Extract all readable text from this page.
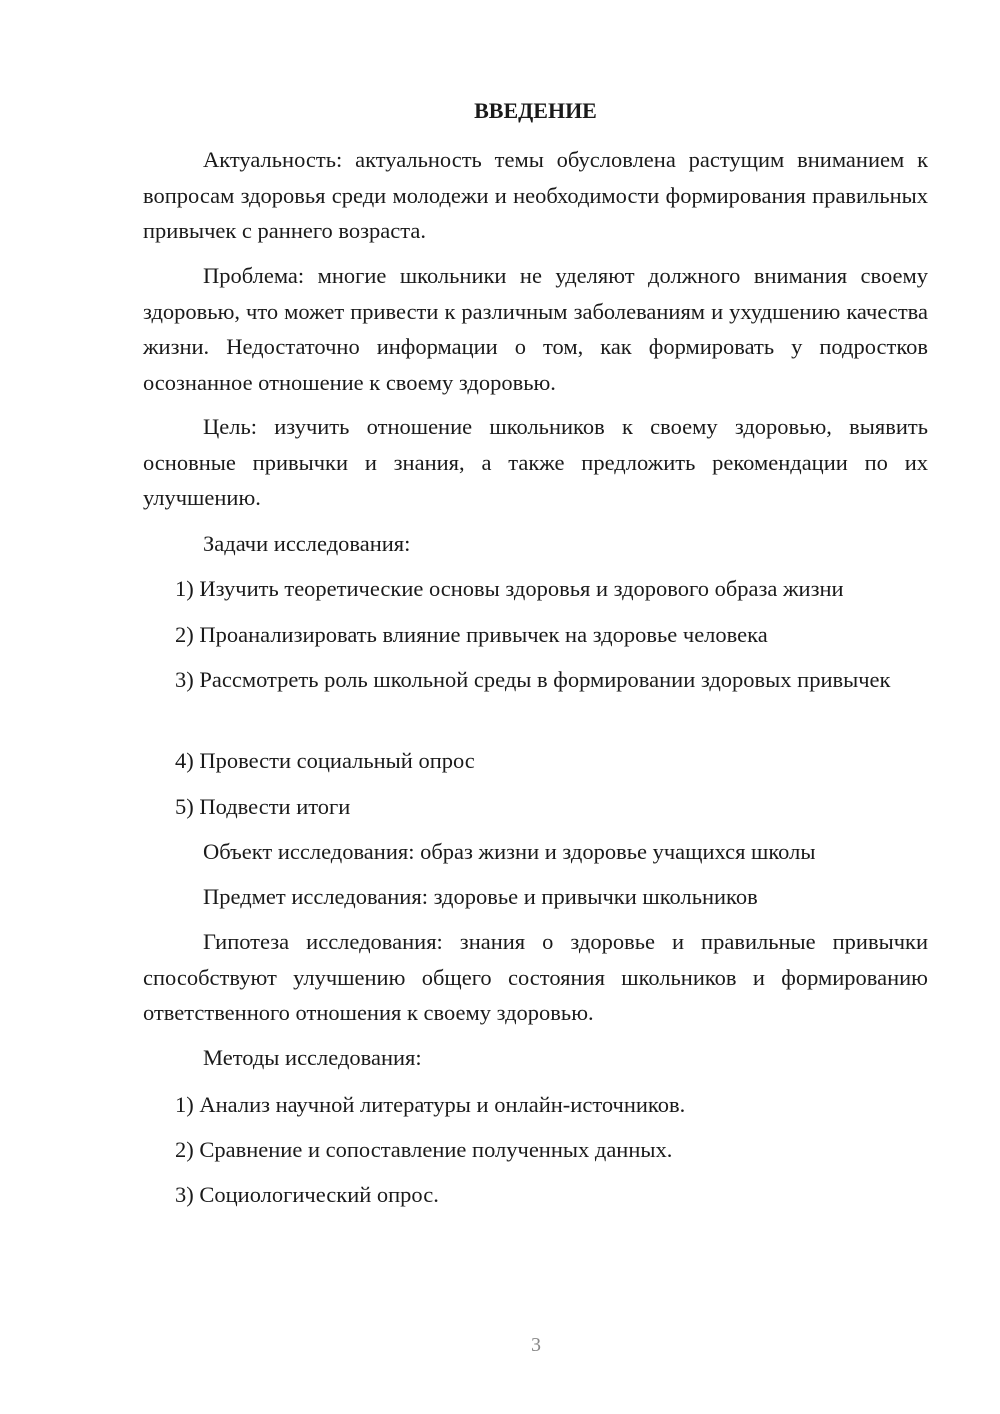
ВВЕДЕНИЕ

Актуальность: актуальность темы обусловлена растущим вниманием к вопросам здоровья среди молодежи и необходимости формирования правильных привычек с раннего возраста.

Проблема: многие школьники не уделяют должного внимания своему здоровью, что может привести к различным заболеваниям и ухудшению качества жизни. Недостаточно информации о том, как формировать у подростков осознанное отношение к своему здоровью.

Цель: изучить отношение школьников к своему здоровью, выявить основные привычки и знания, а также предложить рекомендации по их улучшению.

Задачи исследования:

1) Изучить теоретические основы здоровья и здорового образа жизни

2) Проанализировать влияние привычек на здоровье человека

3) Рассмотреть роль школьной среды в формировании здоровых привычек

4) Провести социальный опрос

5) Подвести итоги

Объект исследования: образ жизни и здоровье учащихся школы

Предмет исследования: здоровье и привычки школьников

Гипотеза исследования: знания о здоровье и правильные привычки способствуют улучшению общего состояния школьников и формированию ответственного отношения к своему здоровью.

Методы исследования:

1) Анализ научной литературы и онлайн-источников.

2) Сравнение и сопоставление полученных данных.

3) Социологический опрос.

3
